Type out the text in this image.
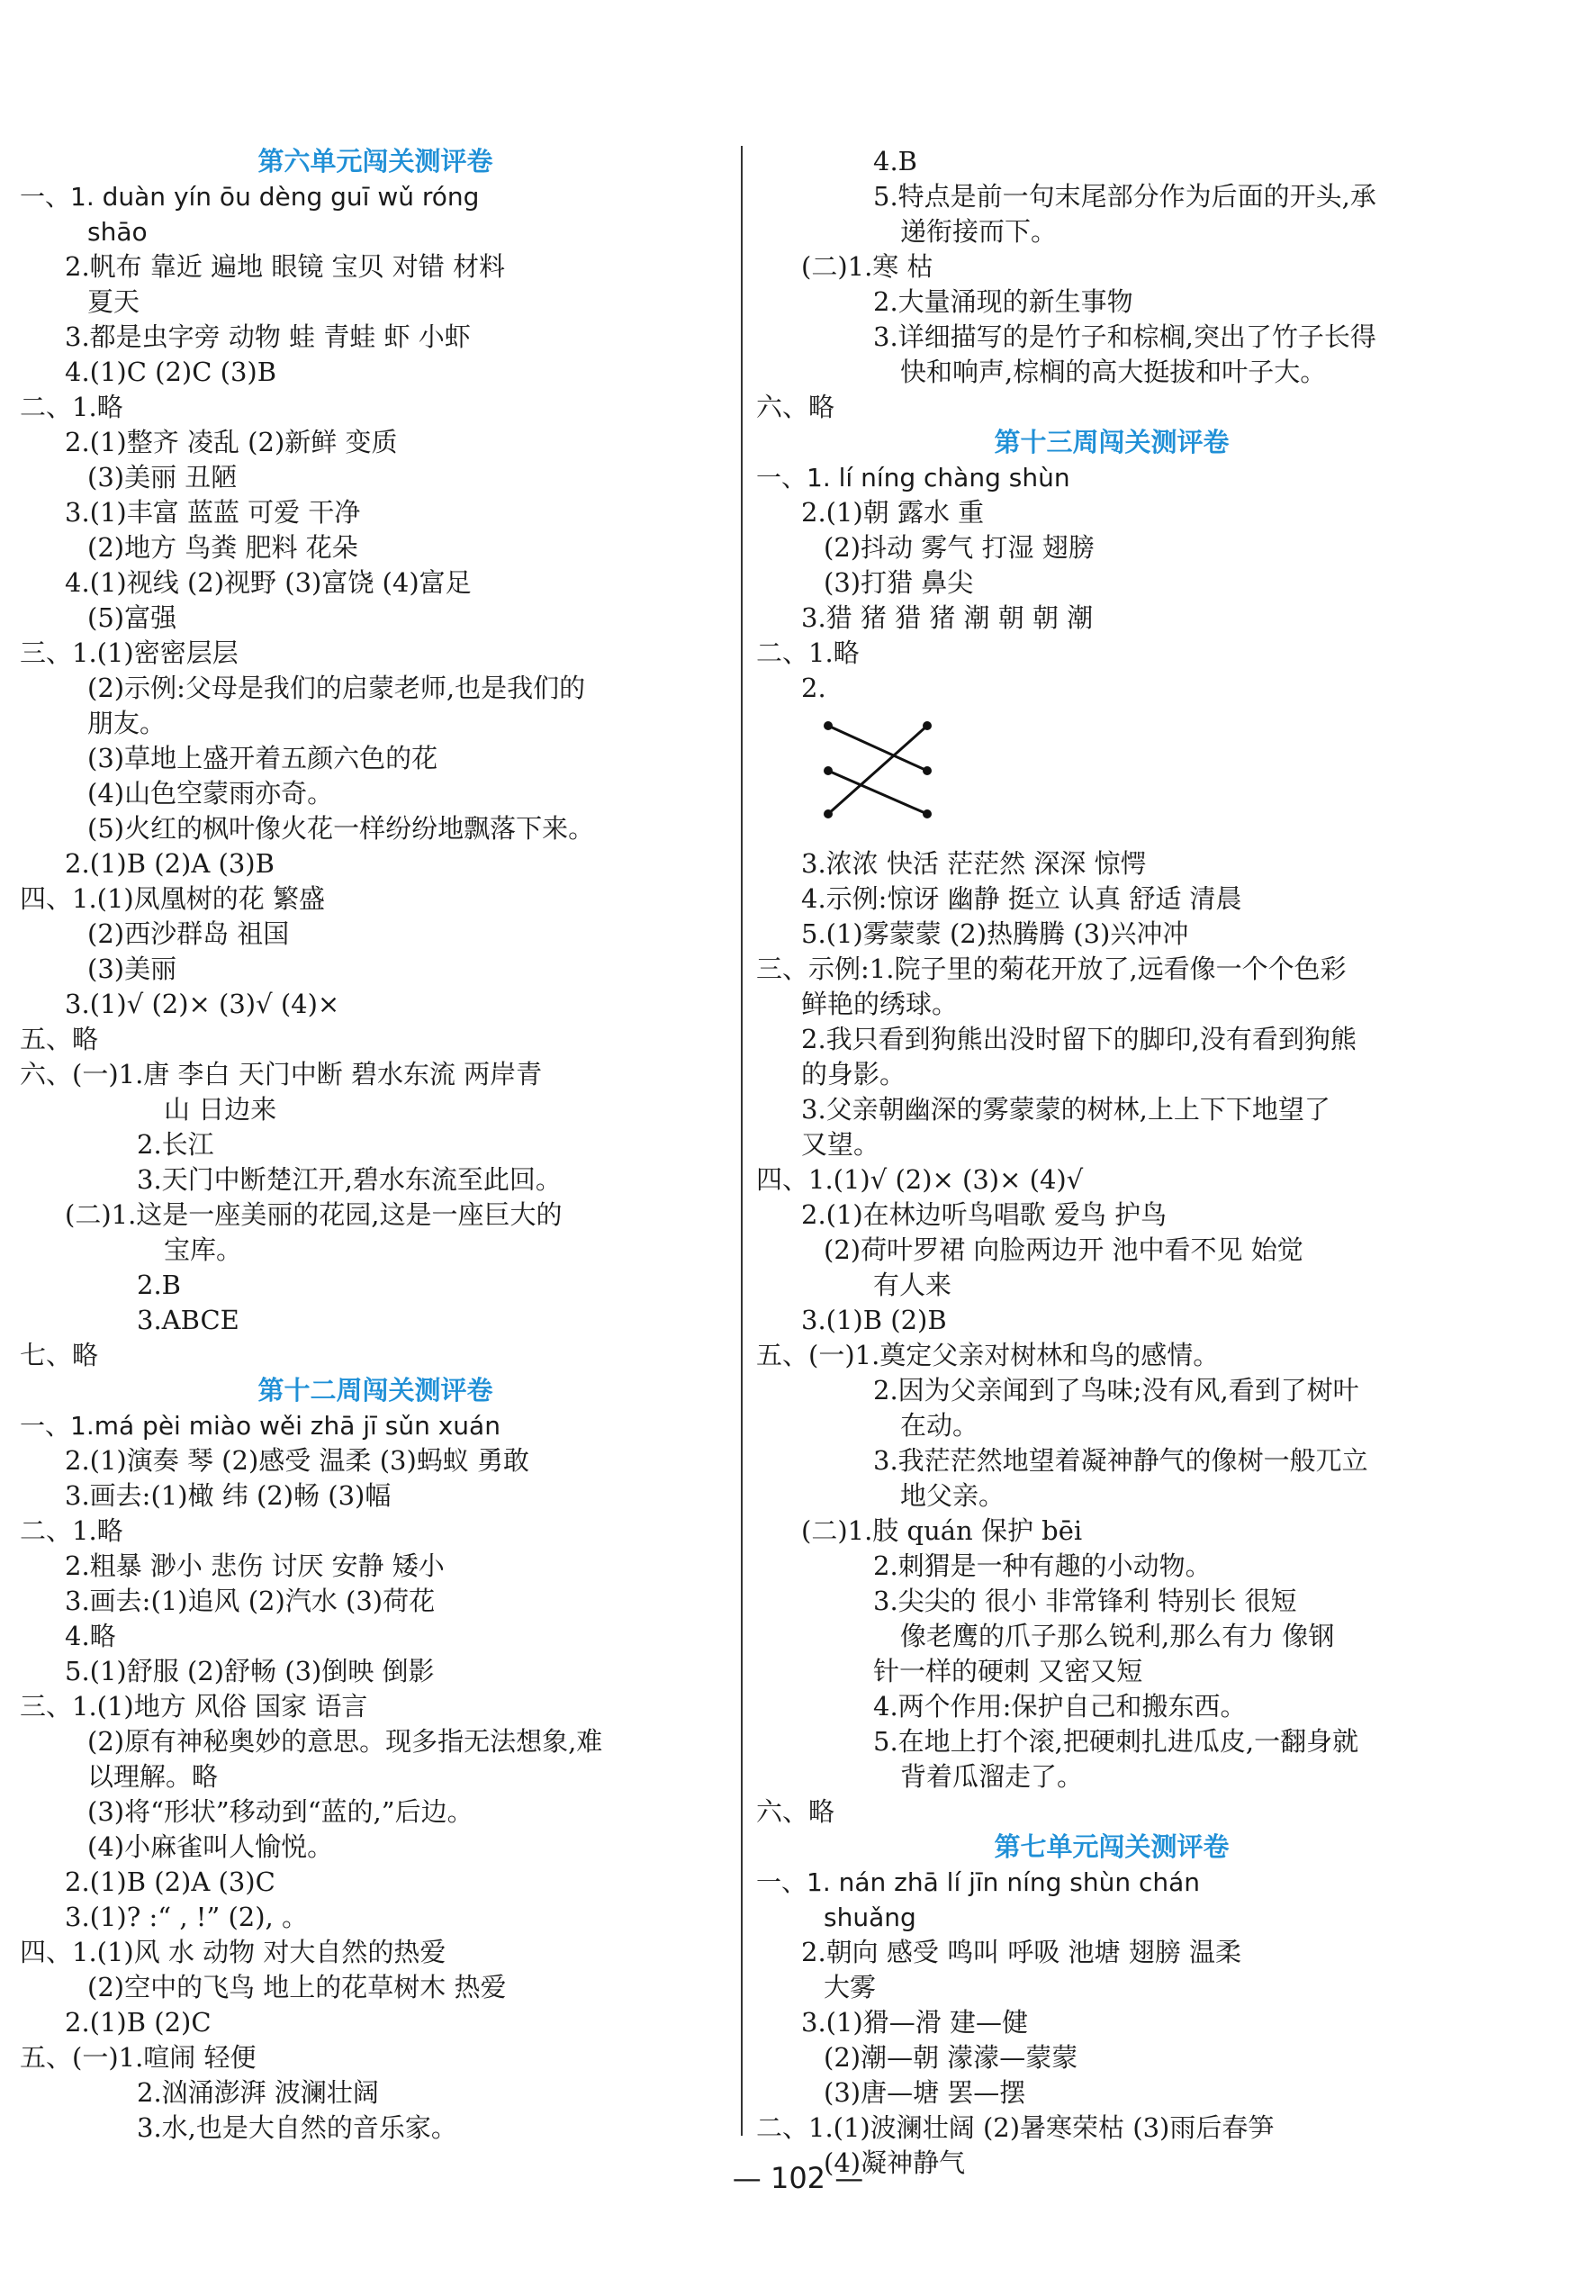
第六单元闯关测评卷
一、1. duàn yín ōu dèng guī wǔ róng
shāo
2.帆布 靠近 遍地 眼镜 宝贝 对错 材料
夏天
3.都是虫字旁 动物 蛙 青蛙 虾 小虾
4.(1)C (2)C (3)B
二、1.略
2.(1)整齐 凌乱 (2)新鲜 变质
(3)美丽 丑陋
3.(1)丰富 蓝蓝 可爱 干净
(2)地方 鸟粪 肥料 花朵
4.(1)视线 (2)视野 (3)富饶 (4)富足
(5)富强
三、1.(1)密密层层
(2)示例:父母是我们的启蒙老师,也是我们的
朋友。
(3)草地上盛开着五颜六色的花
(4)山色空蒙雨亦奇。
(5)火红的枫叶像火花一样纷纷地飘落下来。
2.(1)B (2)A (3)B
四、1.(1)凤凰树的花 繁盛
(2)西沙群岛 祖国
(3)美丽
3.(1)√ (2)× (3)√ (4)×
五、略
六、(一)1.唐 李白 天门中断 碧水东流 两岸青
山 日边来
2.长江
3.天门中断楚江开,碧水东流至此回。
(二)1.这是一座美丽的花园,这是一座巨大的
宝库。
2.B
3.ABCE
七、略
第十二周闯关测评卷
一、1.má pèi miào wěi zhā jī sǔn xuán
2.(1)演奏 琴 (2)感受 温柔 (3)蚂蚁 勇敢
3.画去:(1)橄 纬 (2)畅 (3)幅
二、1.略
2.粗暴 渺小 悲伤 讨厌 安静 矮小
3.画去:(1)追风 (2)汽水 (3)荷花
4.略
5.(1)舒服 (2)舒畅 (3)倒映 倒影
三、1.(1)地方 风俗 国家 语言
(2)原有神秘奥妙的意思。现多指无法想象,难
以理解。略
(3)将“形状”移动到“蓝的,”后边。
(4)小麻雀叫人愉悦。
2.(1)B (2)A (3)C
3.(1)? :“ , !” (2), 。
四、1.(1)风 水 动物 对大自然的热爱
(2)空中的飞鸟 地上的花草树木 热爱
2.(1)B (2)C
五、(一)1.喧闹 轻便
2.汹涌澎湃 波澜壮阔
3.水,也是大自然的音乐家。
4.B
5.特点是前一句末尾部分作为后面的开头,承
递衔接而下。
(二)1.寒 枯
2.大量涌现的新生事物
3.详细描写的是竹子和棕榈,突出了竹子长得
快和响声,棕榈的高大挺拔和叶子大。
六、略
第十三周闯关测评卷
一、1. lí níng chàng shùn
2.(1)朝 露水 重
(2)抖动 雾气 打湿 翅膀
(3)打猎 鼻尖
3.猎 猪 猎 猪 潮 朝 朝 潮
二、1.略
2.
3.浓浓 快活 茫茫然 深深 惊愕
4.示例:惊讶 幽静 挺立 认真 舒适 清晨
5.(1)雾蒙蒙 (2)热腾腾 (3)兴冲冲
三、示例:1.院子里的菊花开放了,远看像一个个色彩
鲜艳的绣球。
2.我只看到狗熊出没时留下的脚印,没有看到狗熊
的身影。
3.父亲朝幽深的雾蒙蒙的树林,上上下下地望了
又望。
四、1.(1)√ (2)× (3)× (4)√
2.(1)在林边听鸟唱歌 爱鸟 护鸟
(2)荷叶罗裙 向脸两边开 池中看不见 始觉
有人来
3.(1)B (2)B
五、(一)1.奠定父亲对树林和鸟的感情。
2.因为父亲闻到了鸟味;没有风,看到了树叶
在动。
3.我茫茫然地望着凝神静气的像树一般兀立
地父亲。
(二)1.肢 quán 保护 bēi
2.刺猬是一种有趣的小动物。
3.尖尖的 很小 非常锋利 特别长 很短
像老鹰的爪子那么锐利,那么有力 像钢
针一样的硬刺 又密又短
4.两个作用:保护自己和搬东西。
5.在地上打个滚,把硬刺扎进瓜皮,一翻身就
背着瓜溜走了。
六、略
第七单元闯关测评卷
一、1. nán zhā lí jīn níng shùn chán
shuǎng
2.朝向 感受 鸣叫 呼吸 池塘 翅膀 温柔
大雾
3.(1)猾—滑 建—健
(2)潮—朝 濛濛—蒙蒙
(3)唐—塘 罢—摆
二、1.(1)波澜壮阔 (2)暑寒荣枯 (3)雨后春笋
(4)凝神静气
— 102 —
